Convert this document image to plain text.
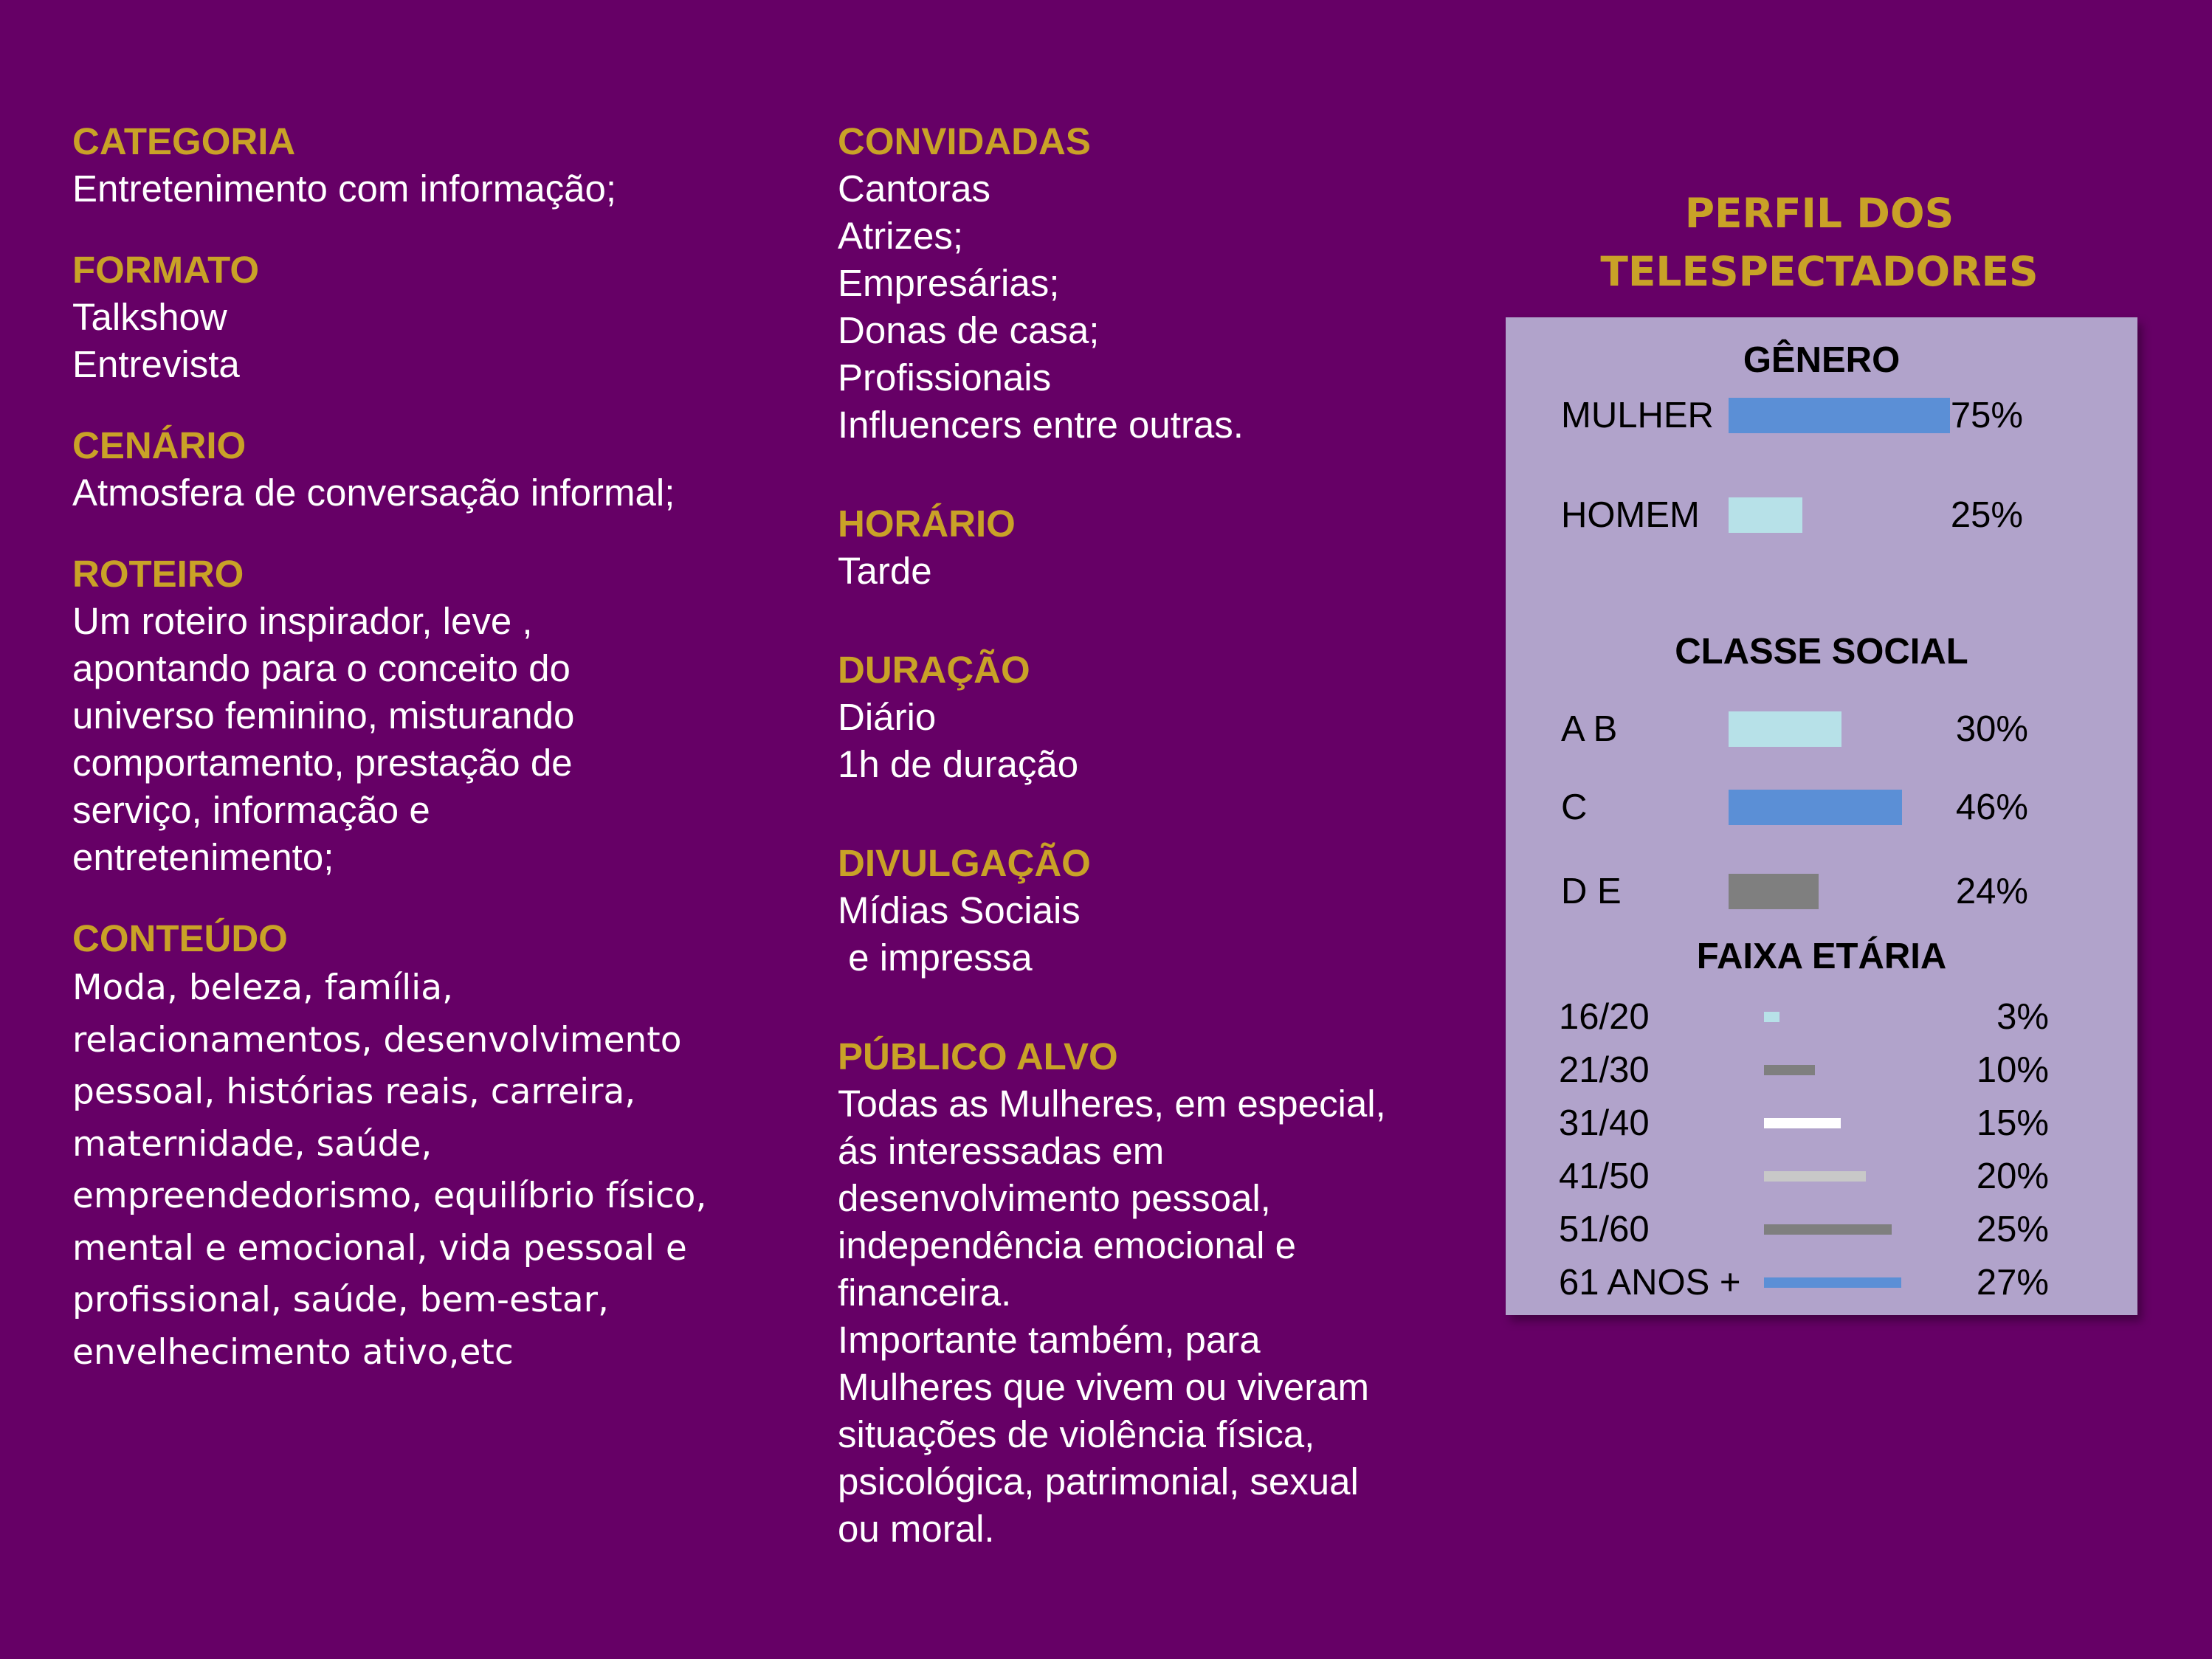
CATEGORIA
Entretenimento com informação;
FORMATO
Talkshow
Entrevista
CENÁRIO
Atmosfera de conversação informal;
ROTEIRO
Um roteiro inspirador, leve ,
apontando para o conceito do
universo feminino, misturando
comportamento, prestação de
serviço, informação e
entretenimento;
CONTEÚDO
Moda, beleza, família,
relacionamentos, desenvolvimento
pessoal, histórias reais, carreira,
maternidade, saúde,
empreendedorismo, equilíbrio físico,
mental e emocional, vida pessoal e
profissional, saúde, bem-estar,
envelhecimento ativo,etc
CONVIDADAS
Cantoras
Atrizes;
Empresárias;
Donas de casa;
Profissionais
Influencers entre outras.
HORÁRIO
Tarde
DURAÇÃO
Diário
1h de duração
DIVULGAÇÃO
Mídias Sociais
e impressa
PÚBLICO ALVO
Todas as Mulheres, em especial,
ás interessadas em
desenvolvimento pessoal,
independência emocional e
financeira.
Importante também, para
Mulheres que vivem ou viveram
situações de violência física,
psicológica, patrimonial, sexual
ou moral.
PERFIL DOS
TELESPECTADORES
GÊNERO
MULHER	75%
HOMEM	25%
CLASSE SOCIAL
A B	30%
C	46%
D E	24%
FAIXA ETÁRIA
16/20	3%
21/30	10%
31/40	15%
41/50	20%
51/60	25%
61 ANOS +	27%
